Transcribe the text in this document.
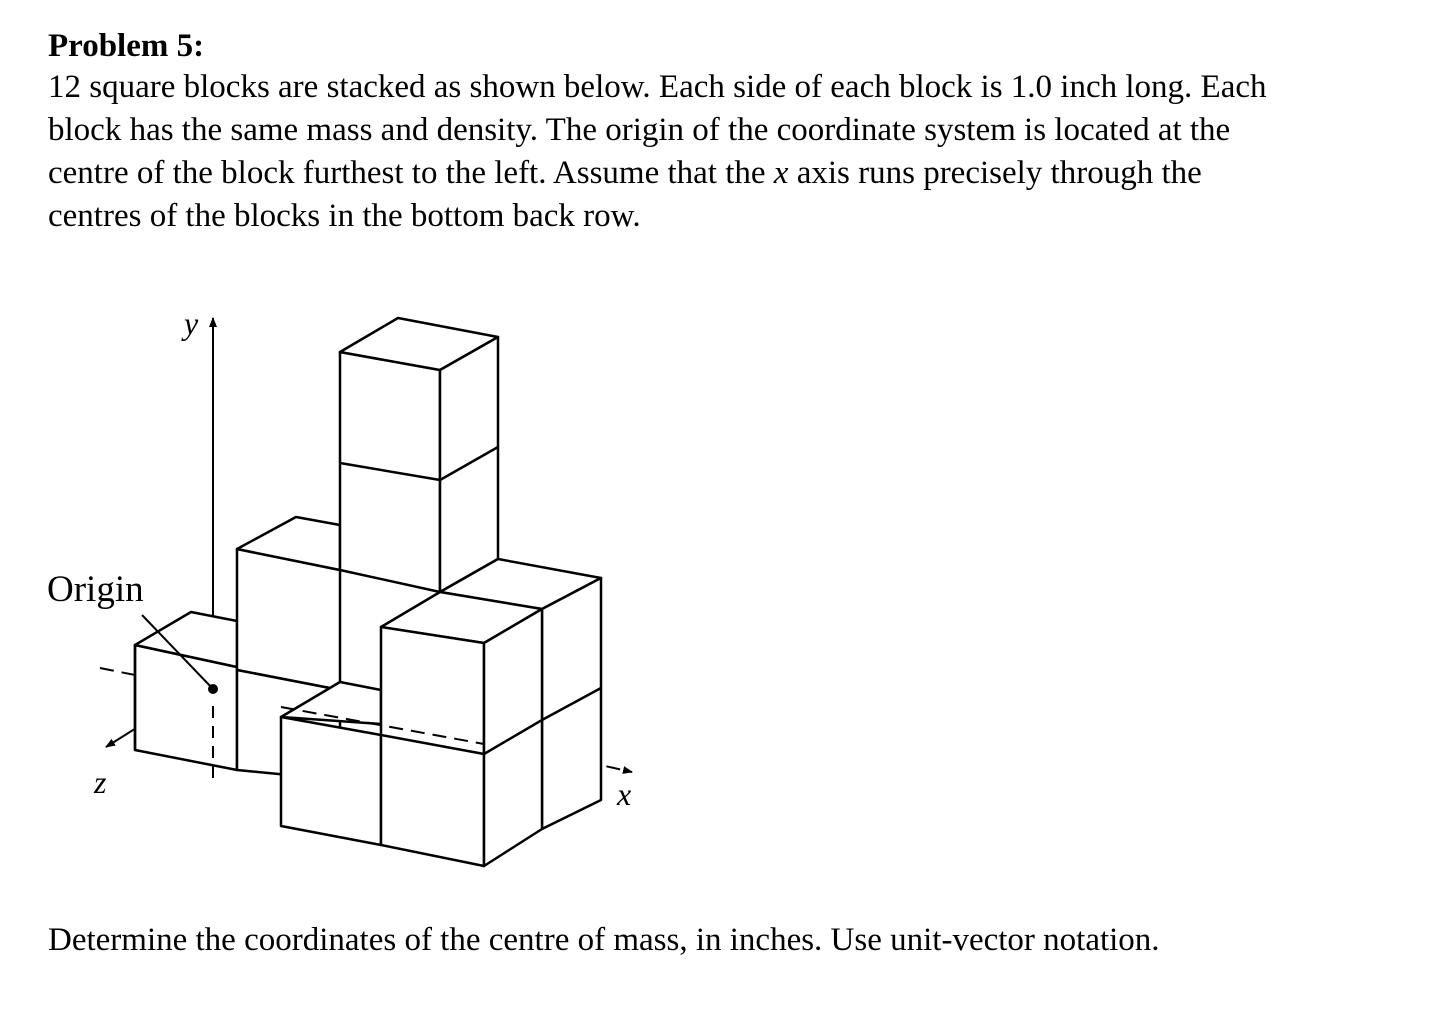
Problem 5:
12 square blocks are stacked as shown below. Each side of each block is 1.0 inch long. Each
block has the same mass and density. The origin of the coordinate system is located at the
centre of the block furthest to the left. Assume that the x axis runs precisely through the
centres of the blocks in the bottom back row.
Origin
y
x
z
Determine the coordinates of the centre of mass, in inches. Use unit-vector notation.
